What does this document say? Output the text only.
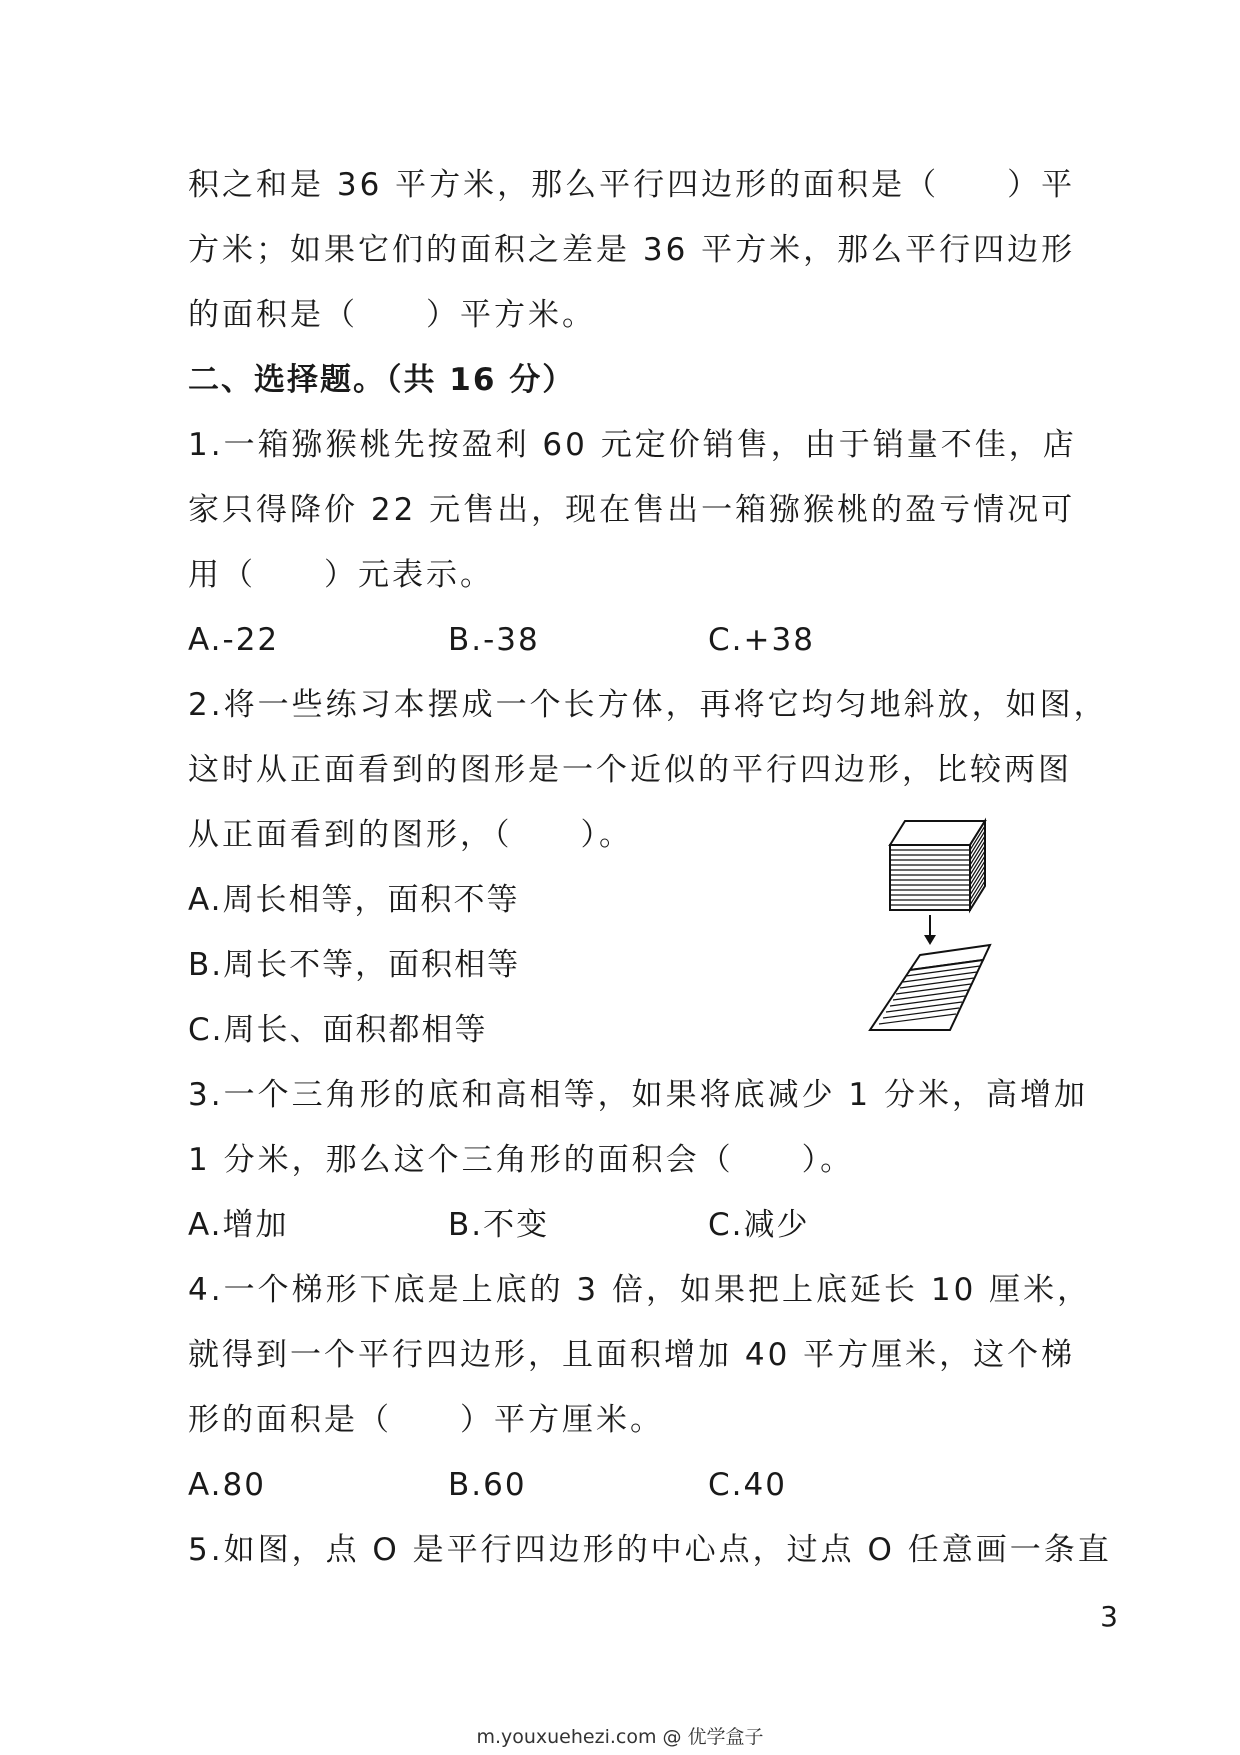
积之和是 36 平方米，那么平行四边形的面积是（　　）平
方米；如果它们的面积之差是 36 平方米，那么平行四边形
的面积是（　　）平方米。
二、选择题。（共 16 分）
1.一箱猕猴桃先按盈利 60 元定价销售，由于销量不佳，店
家只得降价 22 元售出，现在售出一箱猕猴桃的盈亏情况可
用（　　）元表示。
A.-22	B.-38	C.+38
2.将一些练习本摆成一个长方体，再将它均匀地斜放，如图，
这时从正面看到的图形是一个近似的平行四边形，比较两图
从正面看到的图形，（　　）。
A.周长相等，面积不等
B.周长不等，面积相等
C.周长、面积都相等
3.一个三角形的底和高相等，如果将底减少 1 分米，高增加
1 分米，那么这个三角形的面积会（　　）。
A.增加	B.不变	C.减少
4.一个梯形下底是上底的 3 倍，如果把上底延长 10 厘米，
就得到一个平行四边形，且面积增加 40 平方厘米，这个梯
形的面积是（　　）平方厘米。
A.80	B.60	C.40
5.如图，点 O 是平行四边形的中心点，过点 O 任意画一条直
3
m.youxuehezi.com @ 优学盒子
